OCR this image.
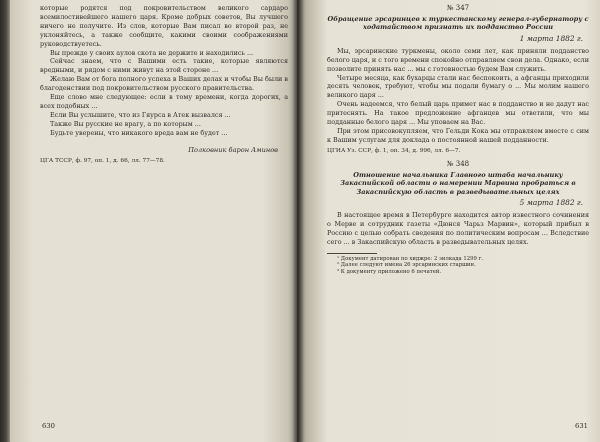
которые родятся под покровительством великого сардаро всемилостивейшего нашего царя. Кроме добрых советов, Вы лучшего ничего не получите. Из слов, которые Вам писал во второй раз, не уклоняйтесь, а также сообщите, какими своими соображениями руководствуетесь.

Вы прежде у своих аулов скота не держите и находились ...

Сейчас знаем, что с Вашими есть такие, которые являются вредными, и рядом с ними живут на этой стороне ...

Желаю Вам от бога полного успеха в Ваших делах и чтобы Вы были в благоденствии под покровительством русского правительства.

Еще слово мне следующее: если в тому времени, когда дорогих, а всех подобных ...

Если Вы услышите, что из Гяурса в Атек вызвался ...

Также Вы русские не врагу, а по которым ...

Будьте уверены, что никакого вреда вам не будет ...

Полковник барон Аминов
ЦГА ТССР, ф. 97, оп. 1, д. 66, лл. 77—78.
630
№ 347
Обращение эрсаринцев к туркестанскому генерал-губернатору с ходатайством признать их подданство России
1 марта 1882 г.

Мы, эрсаринские туркмены, около семи лет, как приняли подданство белого царя, и с того времени спокойно отправляем свои дела. Однако, если позволите принять нас ... мы с готовностью будем Вам служить.

Четыре месяца, как бухарцы стали нас беспокоить, а афганцы приходили десять человек, требуют, чтобы мы подали бумагу о ... Мы молим нашего великого царя ...

Очень надеемся, что белый царь примет нас в подданство и не дадут нас притеснять. На такое предложение афганцев мы ответили, что мы подданные белого царя ... Мы уповаем на Вас.

При этом присовокупляем, что Гельди Кока мы отправляем вместе с сим к Вашим услугам для доклада о постоянной нашей подданности.

ЦГИА Уз. ССР, ф. 1, оп. 34, д. 996, лл. 6—7.
№ 348
Отношение начальника Главного штаба начальнику Закаспийской области о намерении Марвина пробраться в Закаспийскую область в разведывательных целях
5 марта 1882 г.

В настоящее время в Петербурге находится автор известного сочинения о Мерве и сотрудник газеты «Дюнся Чарьз Марвин», который прибыл в Россию с целью собрать сведения по политическим вопросам ... Вследствие сего ... в Закаспийскую область в разведывательных целях.

¹ Документ датирован по хиджре: 2 зилкада 1299 г.

² Далее следуют имена 26 эрсаринских старшин.

³ К документу приложено 6 печатей.

631
